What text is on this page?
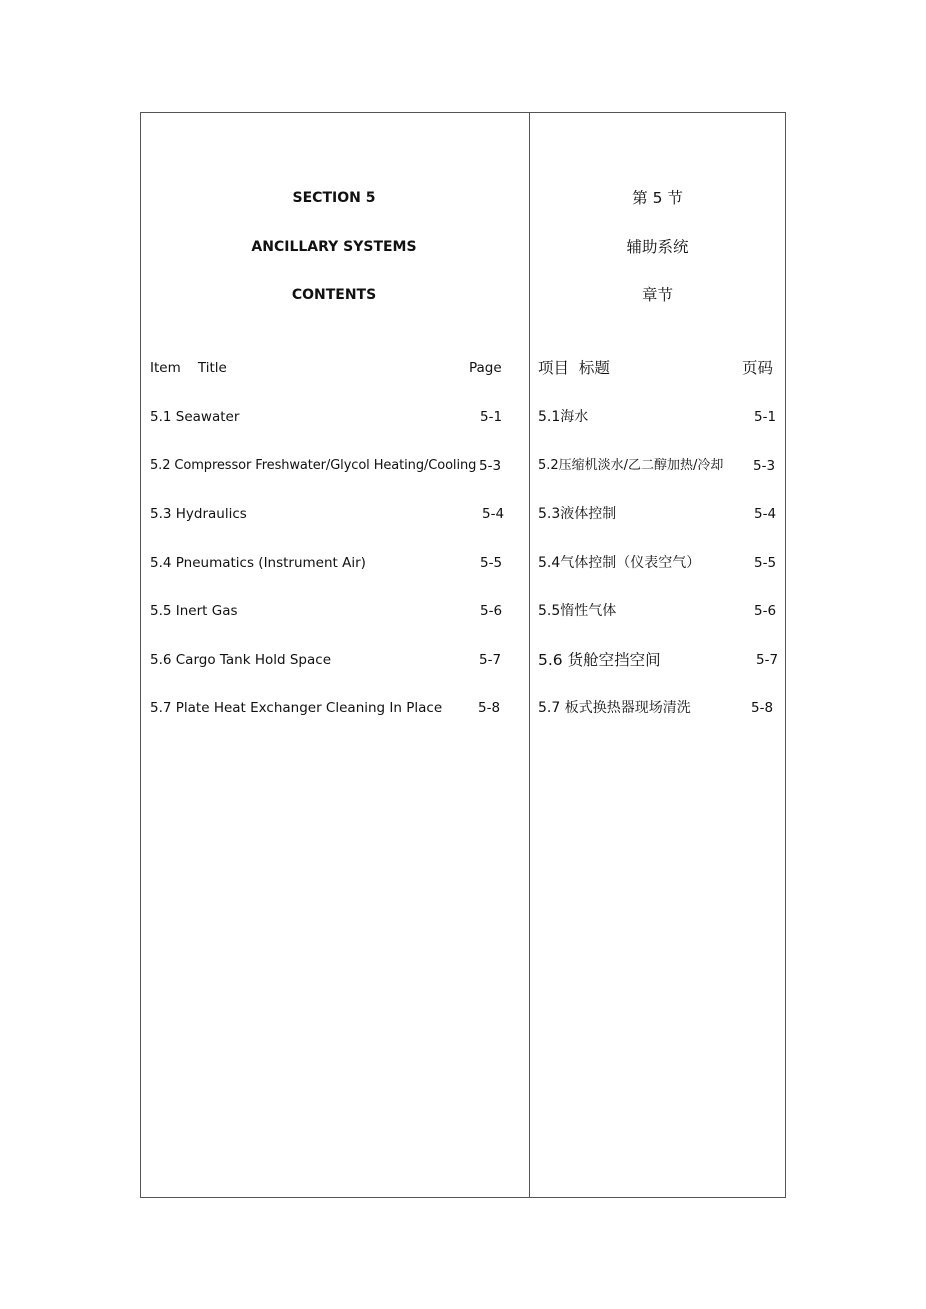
SECTION 5
ANCILLARY SYSTEMS
CONTENTS
Item    Title	Page
5.1 Seawater	5-1
5.2 Compressor Freshwater/Glycol Heating/Cooling 5-3
5.3 Hydraulics	5-4
5.4 Pneumatics (Instrument Air)	5-5
5.5 Inert Gas	5-6
5.6 Cargo Tank Hold Space	5-7
5.7 Plate Heat Exchanger Cleaning In Place	5-8
第 5 节
辅助系统
章节
项目  标题	页码
5.1海水	5-1
5.2压缩机淡水/乙二醇加热/冷却 5-3
5.3液体控制	5-4
5.4气体控制（仪表空气）	5-5
5.5惰性气体	5-6
5.6 货舱空挡空间	5-7
5.7 板式换热器现场清洗	5-8
